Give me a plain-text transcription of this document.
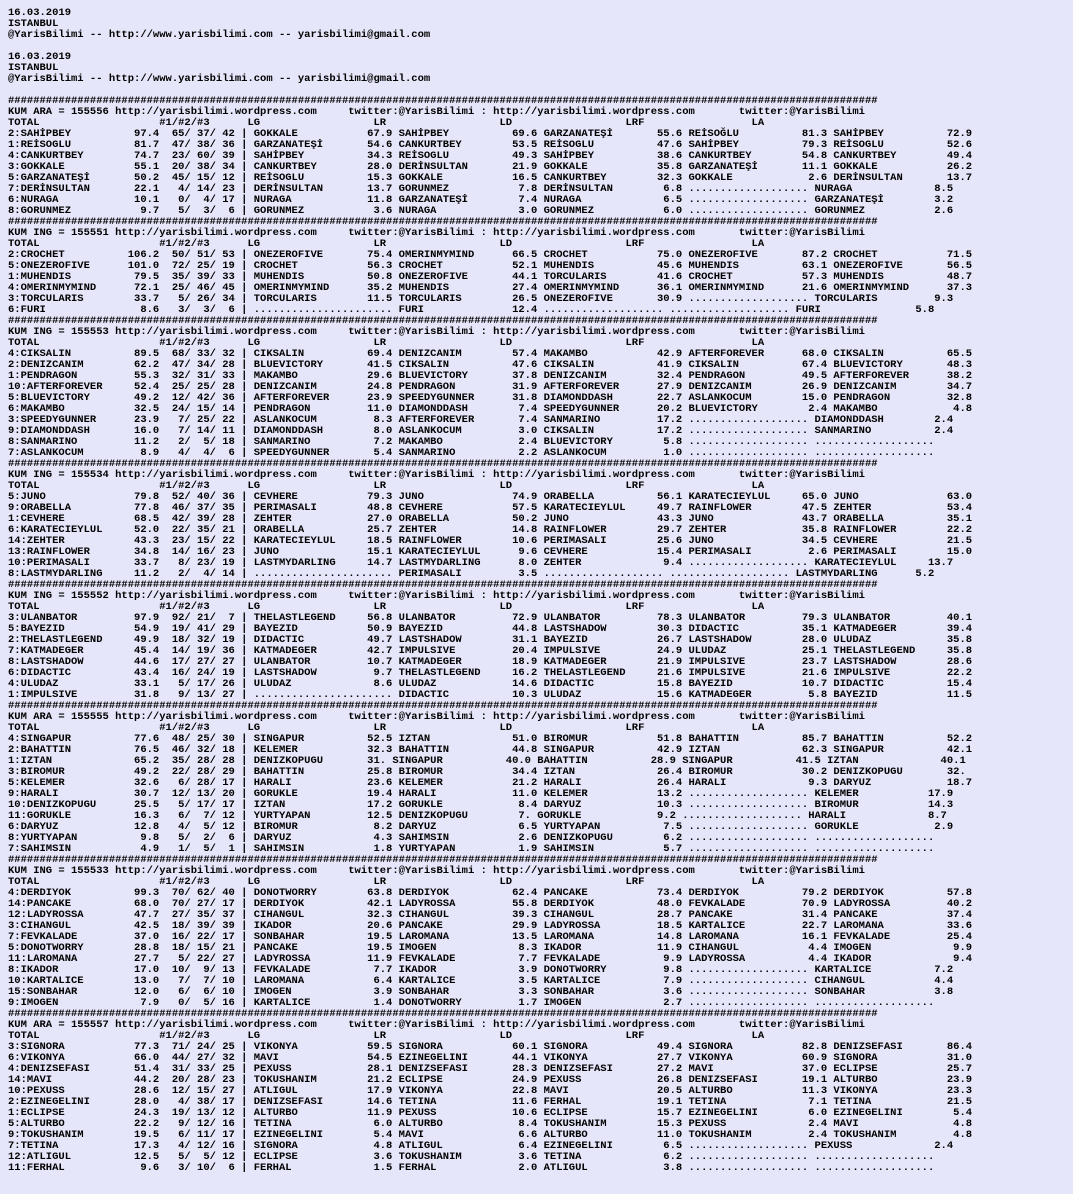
16.03.2019
ISTANBUL
@YarisBilimi -- http://www.yarisbilimi.com -- yarisbilimi@gmail.com

16.03.2019
ISTANBUL
@YarisBilimi -- http://www.yarisbilimi.com -- yarisbilimi@gmail.com

##########################################################################################################################################
KUM ARA = 155556 http://yarisbilimi.wordpress.com     twitter:@YarisBilimi : http://yarisbilimi.wordpress.com       twitter:@YarisBilimi
TOTAL                   #1/#2/#3      LG                  LR                  LD                  LRF                 LA
2:SAHİPBEY          97.4  65/ 37/ 42 | GOKKALE           67.9 SAHİPBEY          69.6 GARZANATEŞİ       55.6 REİSOĞLU          81.3 SAHİPBEY          72.9
1:REİSOGLU          81.7  47/ 38/ 36 | GARZANATEŞİ       54.6 CANKURTBEY        53.5 REİSOGLU          47.6 SAHİPBEY          79.3 REİSOGLU          52.6
4:CANKURTBEY        74.7  23/ 60/ 39 | SAHİPBEY          34.3 REİSOGLU          49.3 SAHİPBEY          38.6 CANKURTBEY        54.8 CANKURTBEY        49.4
3:GOKKALE           55.1  20/ 38/ 34 | CANKURTBEY        28.0 DERİNSULTAN       21.9 GOKKALE           35.8 GARZANATEŞİ       11.1 GOKKALE           26.2
5:GARZANATEŞİ       50.2  45/ 15/ 12 | REİSOGLU          15.3 GOKKALE           16.5 CANKURTBEY        32.3 GOKKALE            2.6 DERİNSULTAN       13.7
7:DERİNSULTAN       22.1   4/ 14/ 23 | DERİNSULTAN       13.7 GORUNMEZ           7.8 DERİNSULTAN        6.8 ................... NURAGA             8.5
6:NURAGA            10.1   0/  4/ 17 | NURAGA            11.8 GARZANATEŞİ        7.4 NURAGA             6.5 ................... GARZANATEŞİ        3.2
8:GORUNMEZ           9.7   5/  3/  6 | GORUNMEZ           3.6 NURAGA             3.0 GORUNMEZ           6.0 ................... GORUNMEZ           2.6
##########################################################################################################################################
KUM ING = 155551 http://yarisbilimi.wordpress.com     twitter:@YarisBilimi : http://yarisbilimi.wordpress.com       twitter:@YarisBilimi
TOTAL                   #1/#2/#3      LG                  LR                  LD                  LRF                 LA
2:CROCHET          106.2  50/ 51/ 53 | ONEZEROFIVE       75.4 OMERINMYMIND      66.5 CROCHET           75.0 ONEZEROFIVE       87.2 CROCHET           71.5
5:ONEZEROFIVE      101.0  72/ 25/ 19 | CROCHET           56.3 CROCHET           52.1 MUHENDIS          45.6 MUHENDIS          63.1 ONEZEROFIVE       56.5
1:MUHENDIS          79.5  35/ 39/ 33 | MUHENDIS          50.8 ONEZEROFIVE       44.1 TORCULARIS        41.6 CROCHET           57.3 MUHENDIS          48.7
4:OMERINMYMIND      72.1  25/ 46/ 45 | OMERINMYMIND      35.2 MUHENDIS          27.4 OMERINMYMIND      36.1 OMERINMYMIND      21.6 OMERINMYMIND      37.3
3:TORCULARIS        33.7   5/ 26/ 34 | TORCULARIS        11.5 TORCULARIS        26.5 ONEZEROFIVE       30.9 ................... TORCULARIS         9.3
6:FURI               8.6   3/  3/  6 | ...................... FURI              12.4 ................... ................... FURI               5.8
##########################################################################################################################################
KUM ING = 155553 http://yarisbilimi.wordpress.com     twitter:@YarisBilimi : http://yarisbilimi.wordpress.com       twitter:@YarisBilimi
TOTAL                   #1/#2/#3      LG                  LR                  LD                  LRF                 LA
4:CIKSALIN          89.5  68/ 33/ 32 | CIKSALIN          69.4 DENIZCANIM        57.4 MAKAMBO           42.9 AFTERFOREVER      68.0 CIKSALIN          65.5
2:DENIZCANIM        62.2  47/ 34/ 28 | BLUEVICTORY       41.5 CIKSALIN          47.6 CIKSALIN          41.9 CIKSALIN          67.4 BLUEVICTORY       48.3
1:PENDRAGON         55.3  32/ 31/ 33 | MAKAMBO           29.6 BLUEVICTORY       37.8 DENIZCANIM        32.4 PENDRAGON         49.5 AFTERFOREVER      38.2
10:AFTERFOREVER     52.4  25/ 25/ 28 | DENIZCANIM        24.8 PENDRAGON         31.9 AFTERFOREVER      27.9 DENIZCANIM        26.9 DENIZCANIM        34.7
5:BLUEVICTORY       49.2  12/ 42/ 36 | AFTERFOREVER      23.9 SPEEDYGUNNER      31.8 DIAMONDDASH       22.7 ASLANKOCUM        15.0 PENDRAGON         32.8
6:MAKAMBO           32.5  24/ 15/ 14 | PENDRAGON         11.0 DIAMONDDASH        7.4 SPEEDYGUNNER      20.2 BLUEVICTORY        2.4 MAKAMBO            4.8
3:SPEEDYGUNNER      23.9   7/ 25/ 22 | ASLANKOCUM         8.3 AFTERFOREVER       7.4 SANMARINO         17.2 ................... DIAMONDDASH        2.4
9:DIAMONDDASH       16.0   7/ 14/ 11 | DIAMONDDASH        8.0 ASLANKOCUM         3.0 CIKSALIN          17.2 ................... SANMARINO          2.4
8:SANMARINO         11.2   2/  5/ 18 | SANMARINO          7.2 MAKAMBO            2.4 BLUEVICTORY        5.8 ................... ...................
7:ASLANKOCUM         8.9   4/  4/  6 | SPEEDYGUNNER       5.4 SANMARINO          2.2 ASLANKOCUM         1.0 ................... ...................
##########################################################################################################################################
KUM ING = 155534 http://yarisbilimi.wordpress.com     twitter:@YarisBilimi : http://yarisbilimi.wordpress.com       twitter:@YarisBilimi
TOTAL                   #1/#2/#3      LG                  LR                  LD                  LRF                 LA
5:JUNO              79.8  52/ 40/ 36 | CEVHERE           79.3 JUNO              74.9 ORABELLA          56.1 KARATECIEYLUL     65.0 JUNO              63.0
9:ORABELLA          77.8  46/ 37/ 35 | PERIMASALI        48.8 CEVHERE           57.5 KARATECIEYLUL     49.7 RAINFLOWER        47.5 ZEHTER            53.4
1:CEVHERE           68.5  42/ 39/ 28 | ZEHTER            27.0 ORABELLA          50.2 JUNO              43.3 JUNO              43.7 ORABELLA          35.1
6:KARATECIEYLUL     52.0  22/ 35/ 21 | ORABELLA          25.7 ZEHTER            14.8 RAINFLOWER        29.7 ZEHTER            35.8 RAINFLOWER        22.2
14:ZEHTER           43.3  23/ 15/ 22 | KARATECIEYLUL     18.5 RAINFLOWER        10.6 PERIMASALI        25.6 JUNO              34.5 CEVHERE           21.5
13:RAINFLOWER       34.8  14/ 16/ 23 | JUNO              15.1 KARATECIEYLUL      9.6 CEVHERE           15.4 PERIMASALI         2.6 PERIMASALI        15.0
10:PERIMASALI       33.7   8/ 23/ 19 | LASTMYDARLING     14.7 LASTMYDARLING      8.0 ZEHTER             9.4 ................... KARATECIEYLUL     13.7
8:LASTMYDARLING     11.2   2/  4/ 14 | ...................... PERIMASALI         3.5 ................... ................... LASTMYDARLING      5.2
##########################################################################################################################################
KUM ING = 155552 http://yarisbilimi.wordpress.com     twitter:@YarisBilimi : http://yarisbilimi.wordpress.com       twitter:@YarisBilimi
TOTAL                   #1/#2/#3      LG                  LR                  LD                  LRF                 LA
3:ULANBATOR         97.9  92/ 21/  7 | THELASTLEGEND     56.8 ULANBATOR         72.9 ULANBATOR         78.3 ULANBATOR         79.3 ULANBATOR         40.1
5:BAYEZID           54.9  19/ 41/ 29 | BAYEZID           50.9 BAYEZID           44.8 LASTSHADOW        30.3 DIDACTIC          35.1 KATMADEGER        39.4
2:THELASTLEGEND     49.9  18/ 32/ 19 | DIDACTIC          49.7 LASTSHADOW        31.1 BAYEZID           26.7 LASTSHADOW        28.0 ULUDAZ            35.8
7:KATMADEGER        45.4  14/ 19/ 36 | KATMADEGER        42.7 IMPULSIVE         20.4 IMPULSIVE         24.9 ULUDAZ            25.1 THELASTLEGEND     35.8
8:LASTSHADOW        44.6  17/ 27/ 27 | ULANBATOR         10.7 KATMADEGER        18.9 KATMADEGER        21.9 IMPULSIVE         23.7 LASTSHADOW        28.6
6:DIDACTIC          43.4  16/ 24/ 19 | LASTSHADOW         9.7 THELASTLEGEND     16.2 THELASTLEGEND     21.6 IMPULSIVE         21.6 IMPULSIVE         22.2
4:ULUDAZ            33.1   5/ 17/ 26 | ULUDAZ             8.6 ULUDAZ            14.6 DIDACTIC          15.8 BAYEZID           10.7 DIDACTIC          15.4
1:IMPULSIVE         31.8   9/ 13/ 27 | ...................... DIDACTIC          10.3 ULUDAZ            15.6 KATMADEGER         5.8 BAYEZID           11.5
##########################################################################################################################################
KUM ARA = 155555 http://yarisbilimi.wordpress.com     twitter:@YarisBilimi : http://yarisbilimi.wordpress.com       twitter:@YarisBilimi
TOTAL                   #1/#2/#3      LG                  LR                  LD                  LRF                 LA
4:SINGAPUR          77.6  48/ 25/ 30 | SINGAPUR          52.5 IZTAN             51.0 BIROMUR           51.8 BAHATTIN          85.7 BAHATTIN          52.2
2:BAHATTIN          76.5  46/ 32/ 18 | KELEMER           32.3 BAHATTIN          44.8 SINGAPUR          42.9 IZTAN             62.3 SINGAPUR          42.1
1:IZTAN             65.2  35/ 28/ 28 | DENIZKOPUGU       31. SINGAPUR          40.0 BAHATTIN          28.9 SINGAPUR          41.5 IZTAN             40.1
3:BIROMUR           49.2  22/ 28/ 29 | BAHATTIN          25.8 BIROMUR           34.4 IZTAN             26.4 BIROMUR           30.2 DENIZKOPUGU       32.
5:KELEMER           32.6   6/ 28/ 17 | HARALI            23.6 KELEMER           21.2 HARALI            26.4 HARALI             9.3 DARYUZ            18.7
9:HARALI            30.7  12/ 13/ 20 | GORUKLE           19.4 HARALI            11.0 KELEMER           13.2 ................... KELEMER           17.9
10:DENIZKOPUGU      25.5   5/ 17/ 17 | IZTAN             17.2 GORUKLE            8.4 DARYUZ            10.3 ................... BIROMUR           14.3
11:GORUKLE          16.3   6/  7/ 12 | YURTYAPAN         12.5 DENIZKOPUGU        7. GORUKLE            9.2 ................... HARALI             8.7
6:DARYUZ            12.8   4/  5/ 12 | BIROMUR            8.2 DARYUZ             6.5 YURTYAPAN          7.5 ................... GORUKLE            2.9
8:YURTYAPAN          9.8   5/  2/  6 | DARYUZ             4.3 SAHIMSIN           2.6 DENIZKOPUGU        6.2 ................... ...................
7:SAHIMSIN           4.9   1/  5/  1 | SAHIMSIN           1.8 YURTYAPAN          1.9 SAHIMSIN           5.7 ................... ...................
##########################################################################################################################################
KUM ING = 155533 http://yarisbilimi.wordpress.com     twitter:@YarisBilimi : http://yarisbilimi.wordpress.com       twitter:@YarisBilimi
TOTAL                   #1/#2/#3      LG                  LR                  LD                  LRF                 LA
4:DERDIYOK          99.3  70/ 62/ 40 | DONOTWORRY        63.8 DERDIYOK          62.4 PANCAKE           73.4 DERDIYOK          79.2 DERDIYOK          57.8
14:PANCAKE          68.0  70/ 27/ 17 | DERDIYOK          42.1 LADYROSSA         55.8 DERDIYOK          48.0 FEVKALADE         70.9 LADYROSSA         40.2
12:LADYROSSA        47.7  27/ 35/ 37 | CIHANGUL          32.3 CIHANGUL          39.3 CIHANGUL          28.7 PANCAKE           31.4 PANCAKE           37.4
3:CIHANGUL          42.5  18/ 39/ 39 | IKADOR            20.6 PANCAKE           29.9 LADYROSSA         18.5 KARTALICE         22.7 LAROMANA          33.6
7:FEVKALADE         37.0  16/ 22/ 17 | SONBAHAR          19.5 LAROMANA          13.5 LAROMANA          14.8 LAROMANA          16.1 FEVKALADE         25.4
5:DONOTWORRY        28.8  18/ 15/ 21 | PANCAKE           19.5 IMOGEN             8.3 IKADOR            11.9 CIHANGUL           4.4 IMOGEN             9.9
11:LAROMANA         27.7   5/ 22/ 27 | LADYROSSA         11.9 FEVKALADE          7.7 FEVKALADE          9.9 LADYROSSA          4.4 IKADOR             9.4
8:IKADOR            17.0  10/  9/ 13 | FEVKALADE          7.7 IKADOR             3.9 DONOTWORRY         9.8 ................... KARTALICE          7.2
10:KARTALICE        13.0   7/  7/ 10 | LAROMANA           6.4 KARTALICE          3.5 KARTALICE          7.9 ................... CIHANGUL           4.4
15:SONBAHAR         12.0   6/  6/ 10 | IMOGEN             3.9 SONBAHAR           3.3 SONBAHAR           3.6 ................... SONBAHAR           3.8
9:IMOGEN             7.9   0/  5/ 16 | KARTALICE          1.4 DONOTWORRY         1.7 IMOGEN             2.7 ................... ...................
##########################################################################################################################################
KUM ARA = 155557 http://yarisbilimi.wordpress.com     twitter:@YarisBilimi : http://yarisbilimi.wordpress.com       twitter:@YarisBilimi
TOTAL                   #1/#2/#3      LG                  LR                  LD                  LRF                 LA
3:SIGNORA           77.3  71/ 24/ 25 | VIKONYA           59.5 SIGNORA           60.1 SIGNORA           49.4 SIGNORA           82.8 DENIZSEFASI       86.4
6:VIKONYA           66.0  44/ 27/ 32 | MAVI              54.5 EZINEGELINI       44.1 VIKONYA           27.7 VIKONYA           60.9 SIGNORA           31.0
4:DENIZSEFASI       51.4  31/ 33/ 25 | PEXUSS            28.1 DENIZSEFASI       28.3 DENIZSEFASI       27.2 MAVI              37.0 ECLIPSE           25.7
14:MAVI             44.2  20/ 28/ 23 | TOKUSHANIM        21.2 ECLIPSE           24.9 PEXUSS            26.8 DENIZSEFASI       19.1 ALTURBO           23.9
10:PEXUSS           28.6  12/ 15/ 27 | ATLIGUL           17.9 VIKONYA           22.8 MAVI              20.5 ALTURBO           11.3 VIKONYA           23.3
2:EZINEGELINI       28.0   4/ 38/ 17 | DENIZSEFASI       14.6 TETINA            11.6 FERHAL            19.1 TETINA             7.1 TETINA            21.5
1:ECLIPSE           24.3  19/ 13/ 12 | ALTURBO           11.9 PEXUSS            10.6 ECLIPSE           15.7 EZINEGELINI        6.0 EZINEGELINI        5.4
5:ALTURBO           22.2   9/ 12/ 16 | TETINA             6.0 ALTURBO            8.4 TOKUSHANIM        15.3 PEXUSS             2.4 MAVI               4.8
9:TOKUSHANIM        19.5   6/ 11/ 17 | EZINEGELINI        5.4 MAVI               6.6 ALTURBO           11.0 TOKUSHANIM         2.4 TOKUSHANIM         4.8
7:TETINA            17.3   4/ 12/ 16 | SIGNORA            4.8 ATLIGUL            6.4 EZINEGELINI        6.5 ................... PEXUSS             2.4
12:ATLIGUL          12.5   5/  5/ 12 | ECLIPSE            3.6 TOKUSHANIM         3.6 TETINA             6.2 ................... ...................
11:FERHAL            9.6   3/ 10/  6 | FERHAL             1.5 FERHAL             2.0 ATLIGUL            3.8 ................... ...................
